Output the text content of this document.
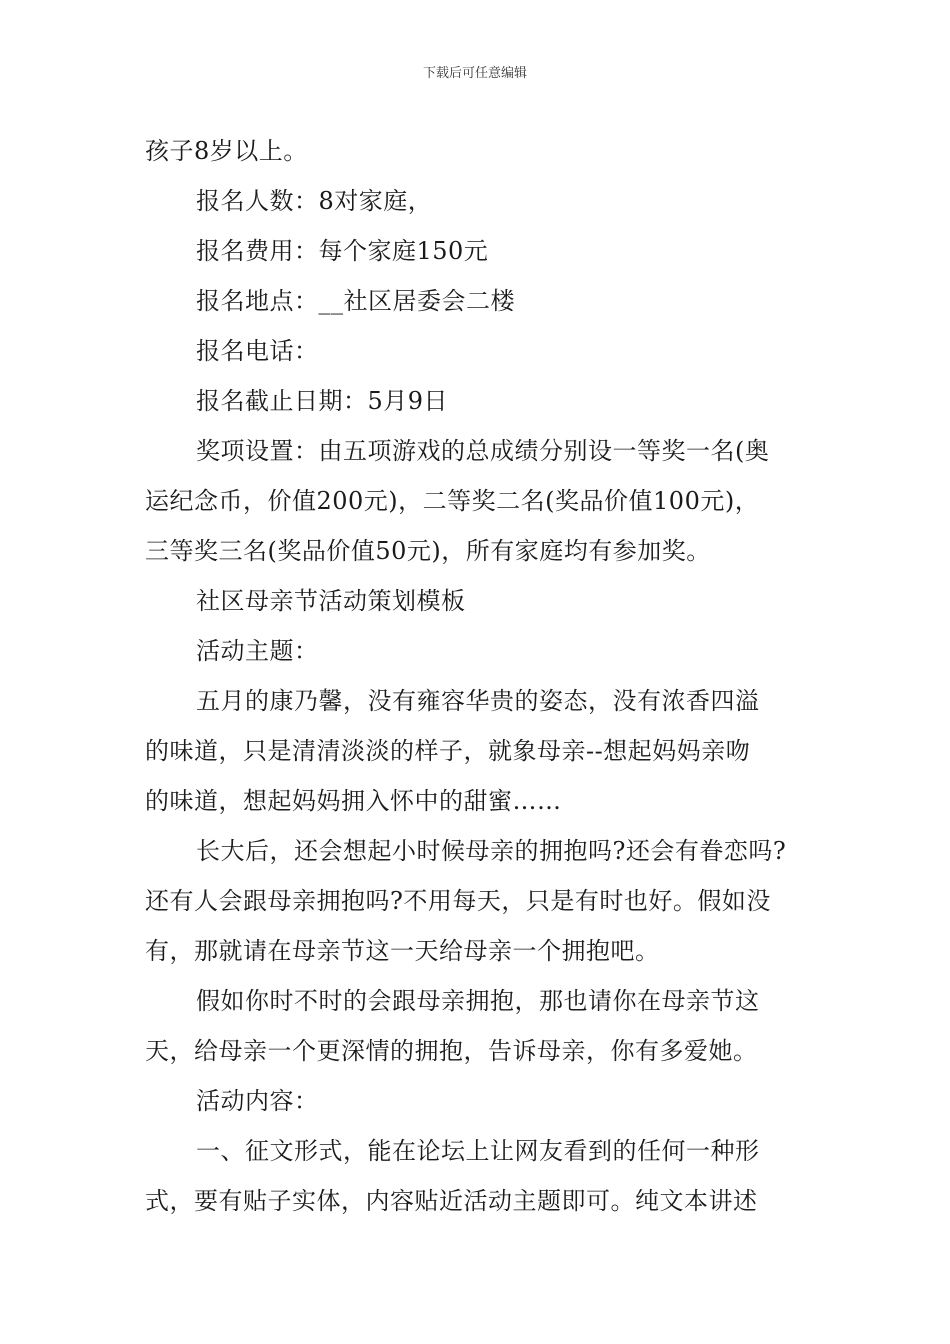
下载后可任意编辑
孩子8岁以上。
报名人数：8对家庭，
报名费用：每个家庭150元
报名地点：__社区居委会二楼
报名电话：
报名截止日期：5月9日
奖项设置：由五项游戏的总成绩分别设一等奖一名(奥
运纪念币，价值200元)，二等奖二名(奖品价值100元)，
三等奖三名(奖品价值50元)，所有家庭均有参加奖。
社区母亲节活动策划模板
活动主题：
五月的康乃馨，没有雍容华贵的姿态，没有浓香四溢
的味道，只是清清淡淡的样子，就象母亲--想起妈妈亲吻
的味道，想起妈妈拥入怀中的甜蜜……
长大后，还会想起小时候母亲的拥抱吗?还会有眷恋吗?
还有人会跟母亲拥抱吗?不用每天，只是有时也好。假如没
有，那就请在母亲节这一天给母亲一个拥抱吧。
假如你时不时的会跟母亲拥抱，那也请你在母亲节这
天，给母亲一个更深情的拥抱，告诉母亲，你有多爱她。
活动内容：
一、征文形式，能在论坛上让网友看到的任何一种形
式，要有贴子实体，内容贴近活动主题即可。纯文本讲述
